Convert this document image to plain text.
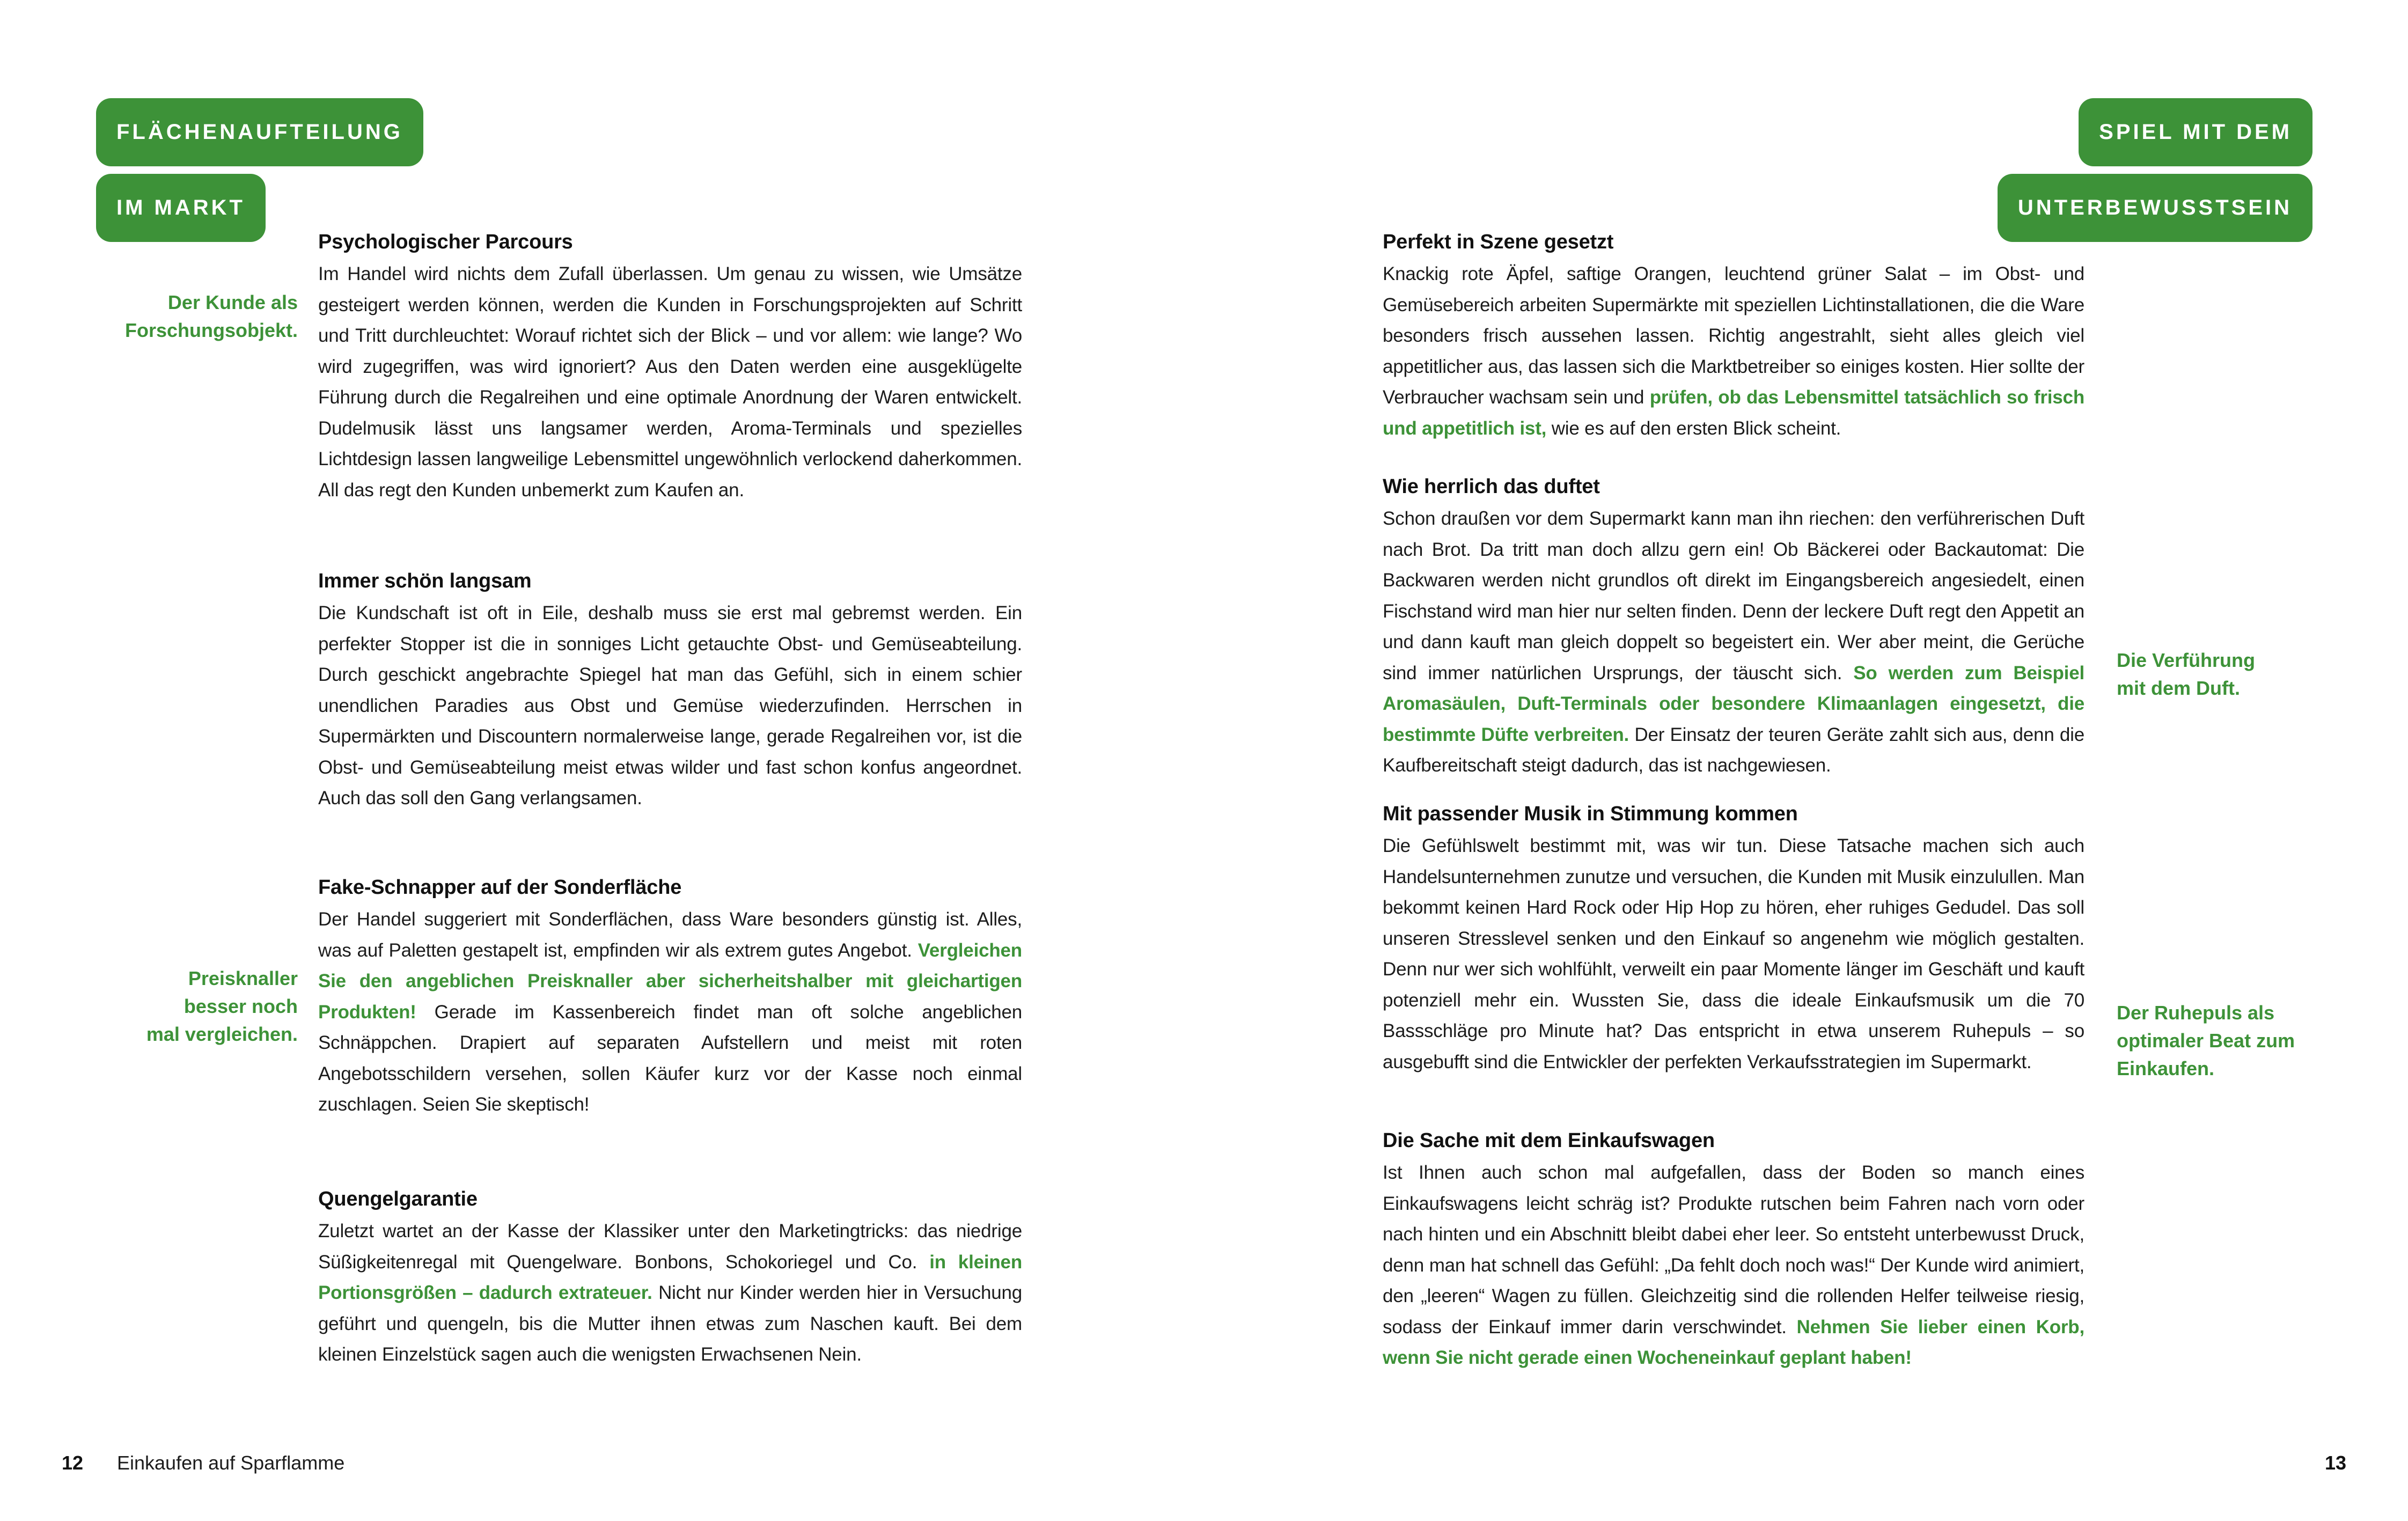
FLÄCHENAUFTEILUNG
IM MARKT
SPIEL MIT DEM
UNTERBEWUSSTSEIN
Psychologischer Parcours

Im Handel wird nichts dem Zufall überlassen. Um genau zu wissen, wie Umsätze gesteigert werden können, werden die Kunden in Forschungsprojekten auf Schritt und Tritt durchleuchtet: Worauf richtet sich der Blick – und vor allem: wie lange? Wo wird zugegriffen, was wird ignoriert? Aus den Daten werden eine ausgeklügelte Führung durch die Regalreihen und eine optimale Anordnung der Waren entwickelt. Dudelmusik lässt uns langsamer werden, Aroma-Terminals und spezielles Lichtdesign lassen langweilige Lebensmittel ungewöhnlich verlockend daherkommen. All das regt den Kunden unbemerkt zum Kaufen an.

Immer schön langsam

Die Kundschaft ist oft in Eile, deshalb muss sie erst mal gebremst werden. Ein perfekter Stopper ist die in sonniges Licht getauchte Obst- und Gemüseabteilung. Durch geschickt angebrachte Spiegel hat man das Gefühl, sich in einem schier unendlichen Paradies aus Obst und Gemüse wiederzufinden. Herrschen in Supermärkten und Discountern normalerweise lange, gerade Regalreihen vor, ist die Obst- und Gemüseabteilung meist etwas wilder und fast schon konfus angeordnet. Auch das soll den Gang verlangsamen.

Fake-Schnapper auf der Sonderfläche

Der Handel suggeriert mit Sonderflächen, dass Ware besonders günstig ist. Alles, was auf Paletten gestapelt ist, empfinden wir als extrem gutes Angebot. Vergleichen Sie den angeblichen Preisknaller aber sicherheitshalber mit gleichartigen Produkten! Gerade im Kassenbereich findet man oft solche angeblichen Schnäppchen. Drapiert auf separaten Aufstellern und meist mit roten Angebotsschildern versehen, sollen Käufer kurz vor der Kasse noch einmal zuschlagen. Seien Sie skeptisch!

Quengelgarantie

Zuletzt wartet an der Kasse der Klassiker unter den Marketingtricks: das niedrige Süßigkeitenregal mit Quengelware. Bonbons, Schokoriegel und Co. in kleinen Portionsgrößen – dadurch extrateuer. Nicht nur Kinder werden hier in Versuchung geführt und quengeln, bis die Mutter ihnen etwas zum Naschen kauft. Bei dem kleinen Einzelstück sagen auch die wenigsten Erwachsenen Nein.

Der Kunde als
Forschungsobjekt.
Preisknaller
besser noch
mal vergleichen.
12 Einkaufen auf Sparflamme
Perfekt in Szene gesetzt

Knackig rote Äpfel, saftige Orangen, leuchtend grüner Salat – im Obst- und Gemüsebereich arbeiten Supermärkte mit speziellen Lichtinstallationen, die die Ware besonders frisch aussehen lassen. Richtig angestrahlt, sieht alles gleich viel appetitlicher aus, das lassen sich die Marktbetreiber so einiges kosten. Hier sollte der Verbraucher wachsam sein und prüfen, ob das Lebensmittel tatsächlich so frisch und appetitlich ist, wie es auf den ersten Blick scheint.

Wie herrlich das duftet

Schon draußen vor dem Supermarkt kann man ihn riechen: den verführerischen Duft nach Brot. Da tritt man doch allzu gern ein! Ob Bäckerei oder Backautomat: Die Backwaren werden nicht grundlos oft direkt im Eingangsbereich angesiedelt, einen Fischstand wird man hier nur selten finden. Denn der leckere Duft regt den Appetit an und dann kauft man gleich doppelt so begeistert ein. Wer aber meint, die Gerüche sind immer natürlichen Ursprungs, der täuscht sich. So werden zum Beispiel Aromasäulen, Duft-Terminals oder besondere Klimaanlagen eingesetzt, die bestimmte Düfte verbreiten. Der Einsatz der teuren Geräte zahlt sich aus, denn die Kaufbereitschaft steigt dadurch, das ist nachgewiesen.

Mit passender Musik in Stimmung kommen

Die Gefühlswelt bestimmt mit, was wir tun. Diese Tatsache machen sich auch Handelsunternehmen zunutze und versuchen, die Kunden mit Musik einzulullen. Man bekommt keinen Hard Rock oder Hip Hop zu hören, eher ruhiges Gedudel. Das soll unseren Stresslevel senken und den Einkauf so angenehm wie möglich gestalten. Denn nur wer sich wohlfühlt, verweilt ein paar Momente länger im Geschäft und kauft potenziell mehr ein. Wussten Sie, dass die ideale Einkaufsmusik um die 70 Bassschläge pro Minute hat? Das entspricht in etwa unserem Ruhepuls – so ausgebufft sind die Entwickler der perfekten Verkaufsstrategien im Supermarkt.

Die Sache mit dem Einkaufswagen

Ist Ihnen auch schon mal aufgefallen, dass der Boden so manch eines Einkaufswagens leicht schräg ist? Produkte rutschen beim Fahren nach vorn oder nach hinten und ein Abschnitt bleibt dabei eher leer. So entsteht unterbewusst Druck, denn man hat schnell das Gefühl: „Da fehlt doch noch was!“ Der Kunde wird animiert, den „leeren“ Wagen zu füllen. Gleichzeitig sind die rollenden Helfer teilweise riesig, sodass der Einkauf immer darin verschwindet. Nehmen Sie lieber einen Korb, wenn Sie nicht gerade einen Wocheneinkauf geplant haben!

Die Verführung
mit dem Duft.
Der Ruhepuls als
optimaler Beat zum
Einkaufen.
13
